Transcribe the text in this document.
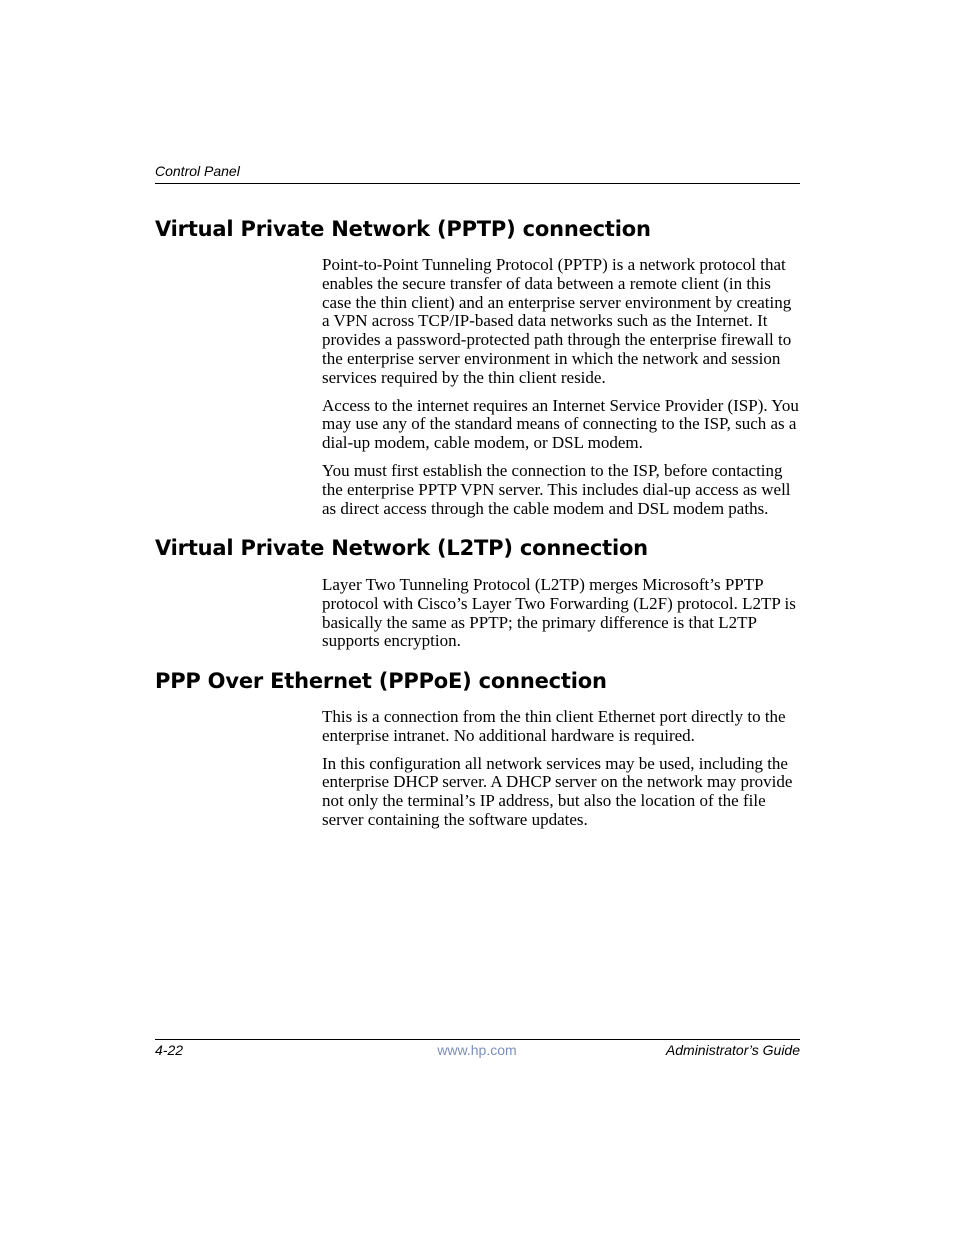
Control Panel
Virtual Private Network (PPTP) connection

Point-to-Point Tunneling Protocol (PPTP) is a network protocol that enables the secure transfer of data between a remote client (in this case the thin client) and an enterprise server environment by creating a VPN across TCP/IP-based data networks such as the Internet. It provides a password-protected path through the enterprise firewall to the enterprise server environment in which the network and session services required by the thin client reside.

Access to the internet requires an Internet Service Provider (ISP). You may use any of the standard means of connecting to the ISP, such as a dial-up modem, cable modem, or DSL modem.

You must first establish the connection to the ISP, before contacting the enterprise PPTP VPN server. This includes dial-up access as well as direct access through the cable modem and DSL modem paths.

Virtual Private Network (L2TP) connection

Layer Two Tunneling Protocol (L2TP) merges Microsoft’s PPTP protocol with Cisco’s Layer Two Forwarding (L2F) protocol. L2TP is basically the same as PPTP; the primary difference is that L2TP supports encryption.

PPP Over Ethernet (PPPoE) connection

This is a connection from the thin client Ethernet port directly to the enterprise intranet. No additional hardware is required.

In this configuration all network services may be used, including the enterprise DHCP server. A DHCP server on the network may provide not only the terminal’s IP address, but also the location of the file server containing the software updates.

4-22	www.hp.com	Administrator’s Guide
